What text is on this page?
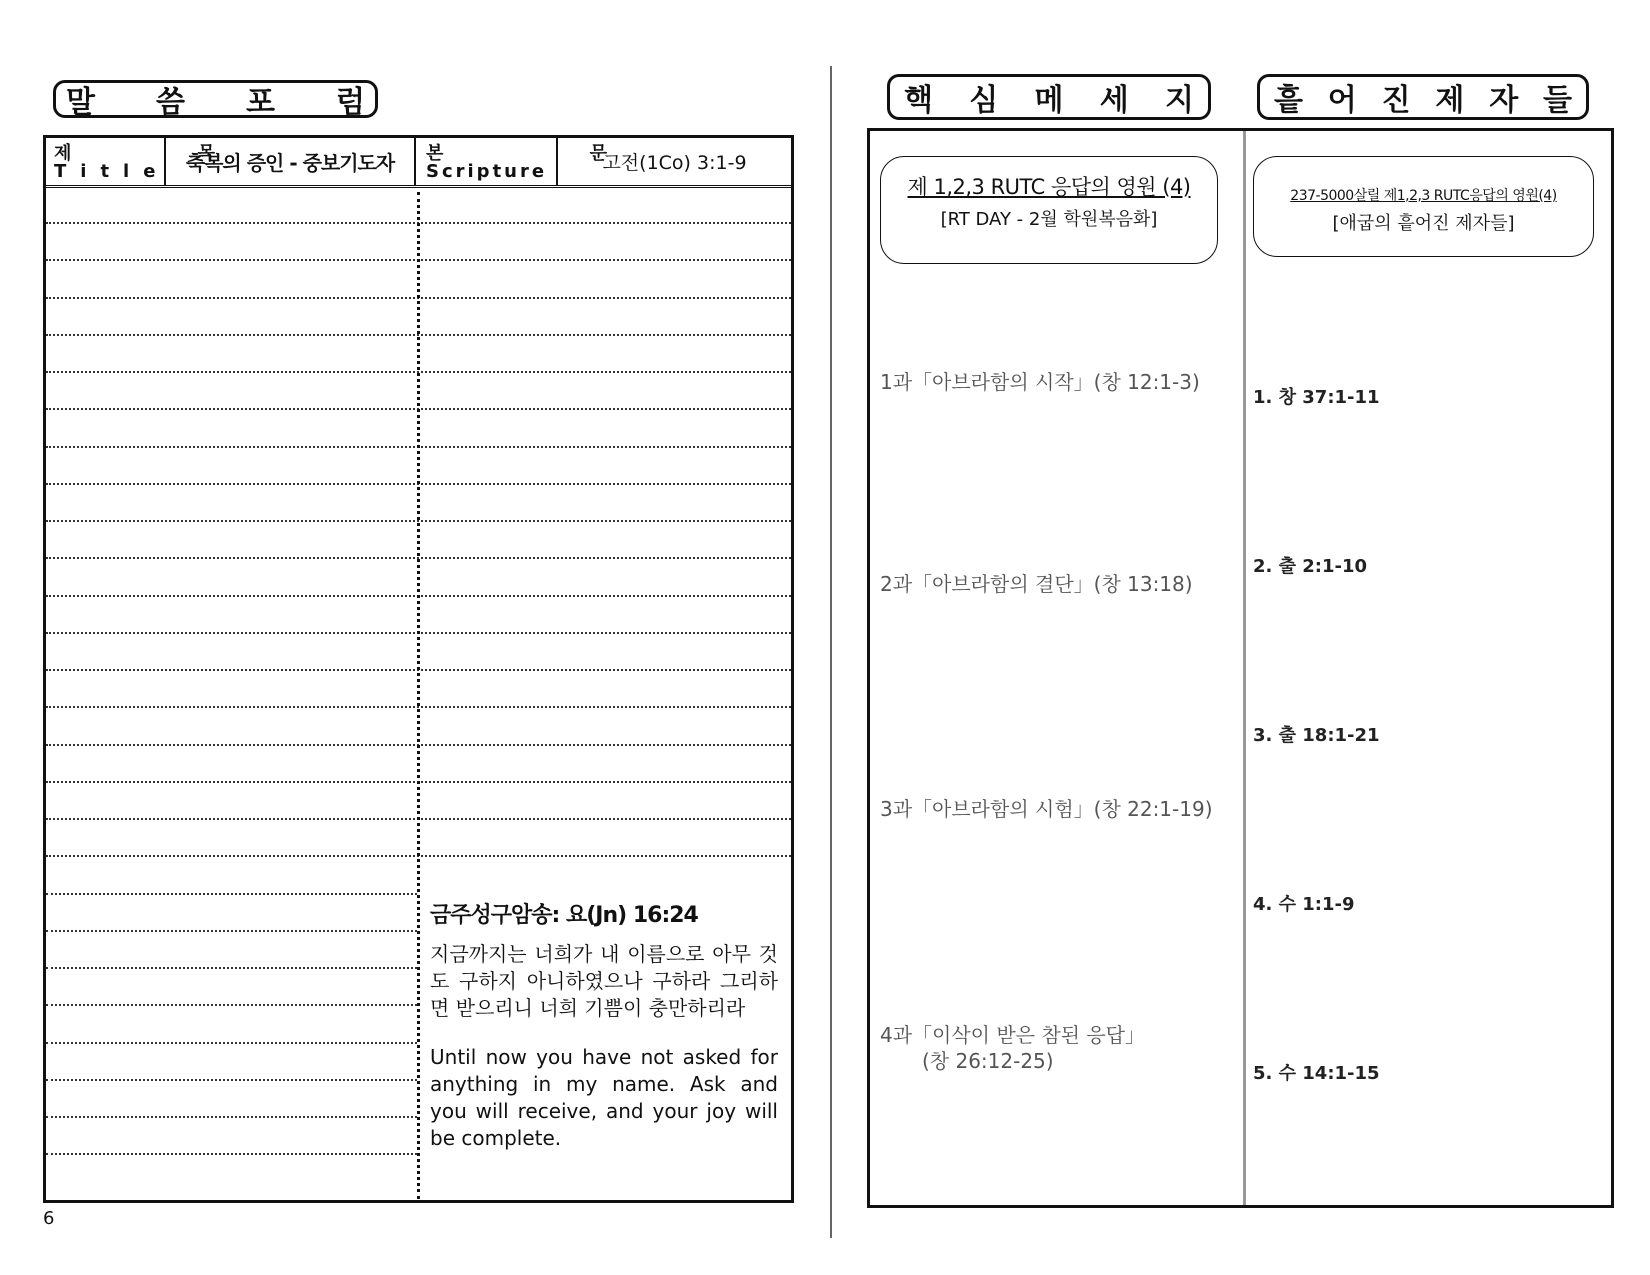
말 씀 포 럼
제 목
Title 축복의 증인 - 중보기도자 본 문
Scripture	고전(1Co) 3:1-9
금주성구암송: 요(Jn) 16:24
지금까지는 너희가 내 이름으로 아무 것도 구하지 아니하였으나 구하라 그리하면 받으리니 너희 기쁨이 충만하리라
Until now you have not asked for anything in my name. Ask and you will receive, and your joy will be complete.
6
핵 심 메 세 지	흩 어 진 제 자 들
제 1,2,3 RUTC 응답의 영원 (4)
[RT DAY - 2월 학원복음화]
237-5000살릴 제1,2,3 RUTC응답의 영원(4)
[애굽의 흩어진 제자들]
1과「아브라함의 시작」(창 12:1-3)
2과「아브라함의 결단」(창 13:18)
3과「아브라함의 시험」(창 22:1-19)
4과「이삭이 받은 참된 응답」
(창 26:12-25)
1. 창 37:1-11
2. 출 2:1-10
3. 출 18:1-21
4. 수 1:1-9
5. 수 14:1-15
